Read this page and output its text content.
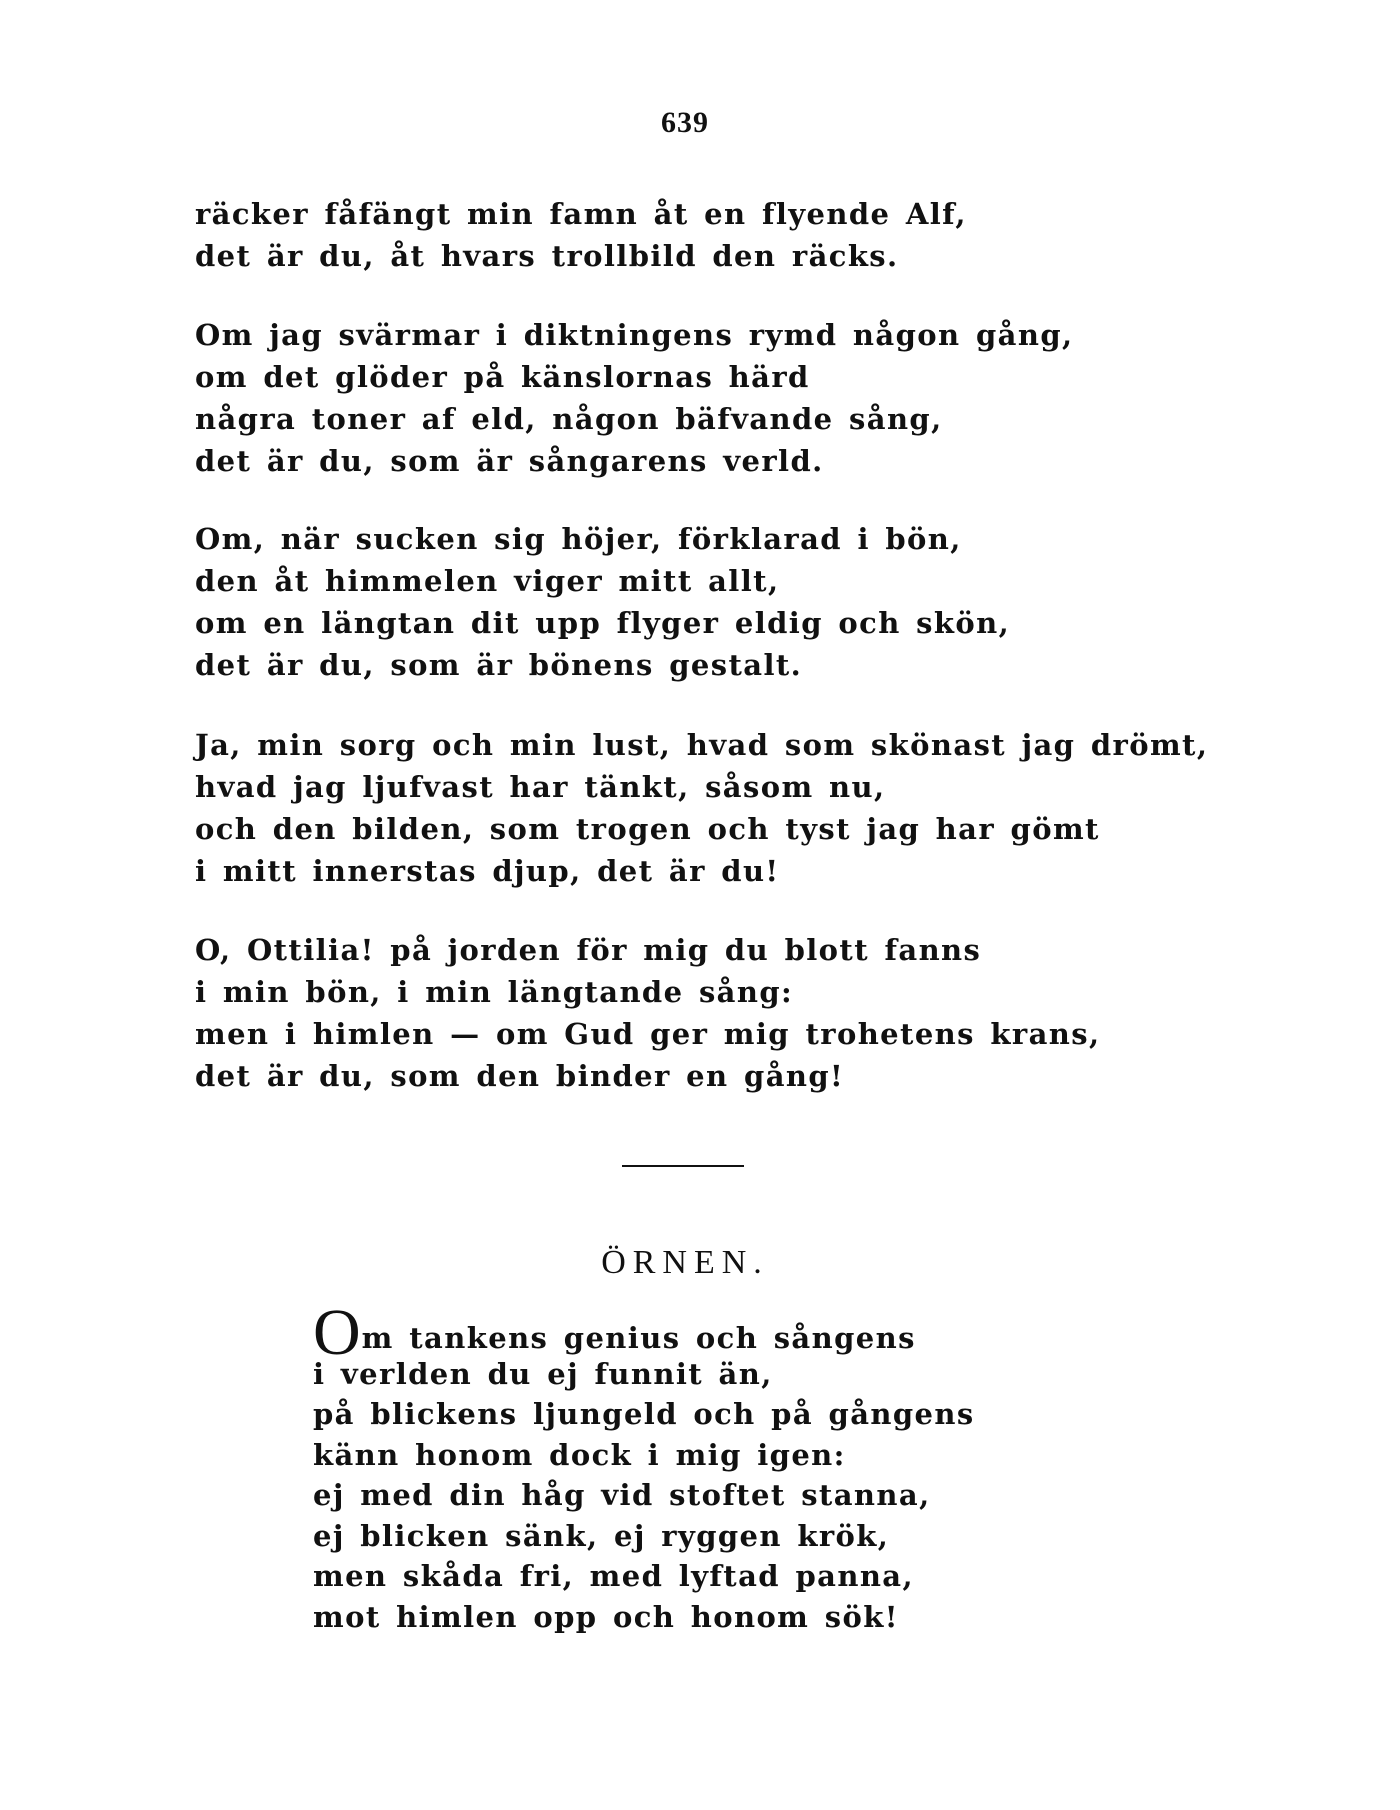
639
räcker fåfängt min famn åt en flyende Alf,
det är du, åt hvars trollbild den räcks.
Om jag svärmar i diktningens rymd någon gång,
om det glöder på känslornas härd
några toner af eld, någon bäfvande sång,
det är du, som är sångarens verld.
Om, när sucken sig höjer, förklarad i bön,
den åt himmelen viger mitt allt,
om en längtan dit upp flyger eldig och skön,
det är du, som är bönens gestalt.
Ja, min sorg och min lust, hvad som skönast jag drömt,
hvad jag ljufvast har tänkt, såsom nu,
och den bilden, som trogen och tyst jag har gömt
i mitt innerstas djup, det är du!
O, Ottilia! på jorden för mig du blott fanns
i min bön, i min längtande sång:
men i himlen — om Gud ger mig trohetens krans,
det är du, som den binder en gång!
ÖRNEN.
Om tankens genius och sångens
i verlden du ej funnit än,
på blickens ljungeld och på gångens
känn honom dock i mig igen:
ej med din håg vid stoftet stanna,
ej blicken sänk, ej ryggen krök,
men skåda fri, med lyftad panna,
mot himlen opp och honom sök!
